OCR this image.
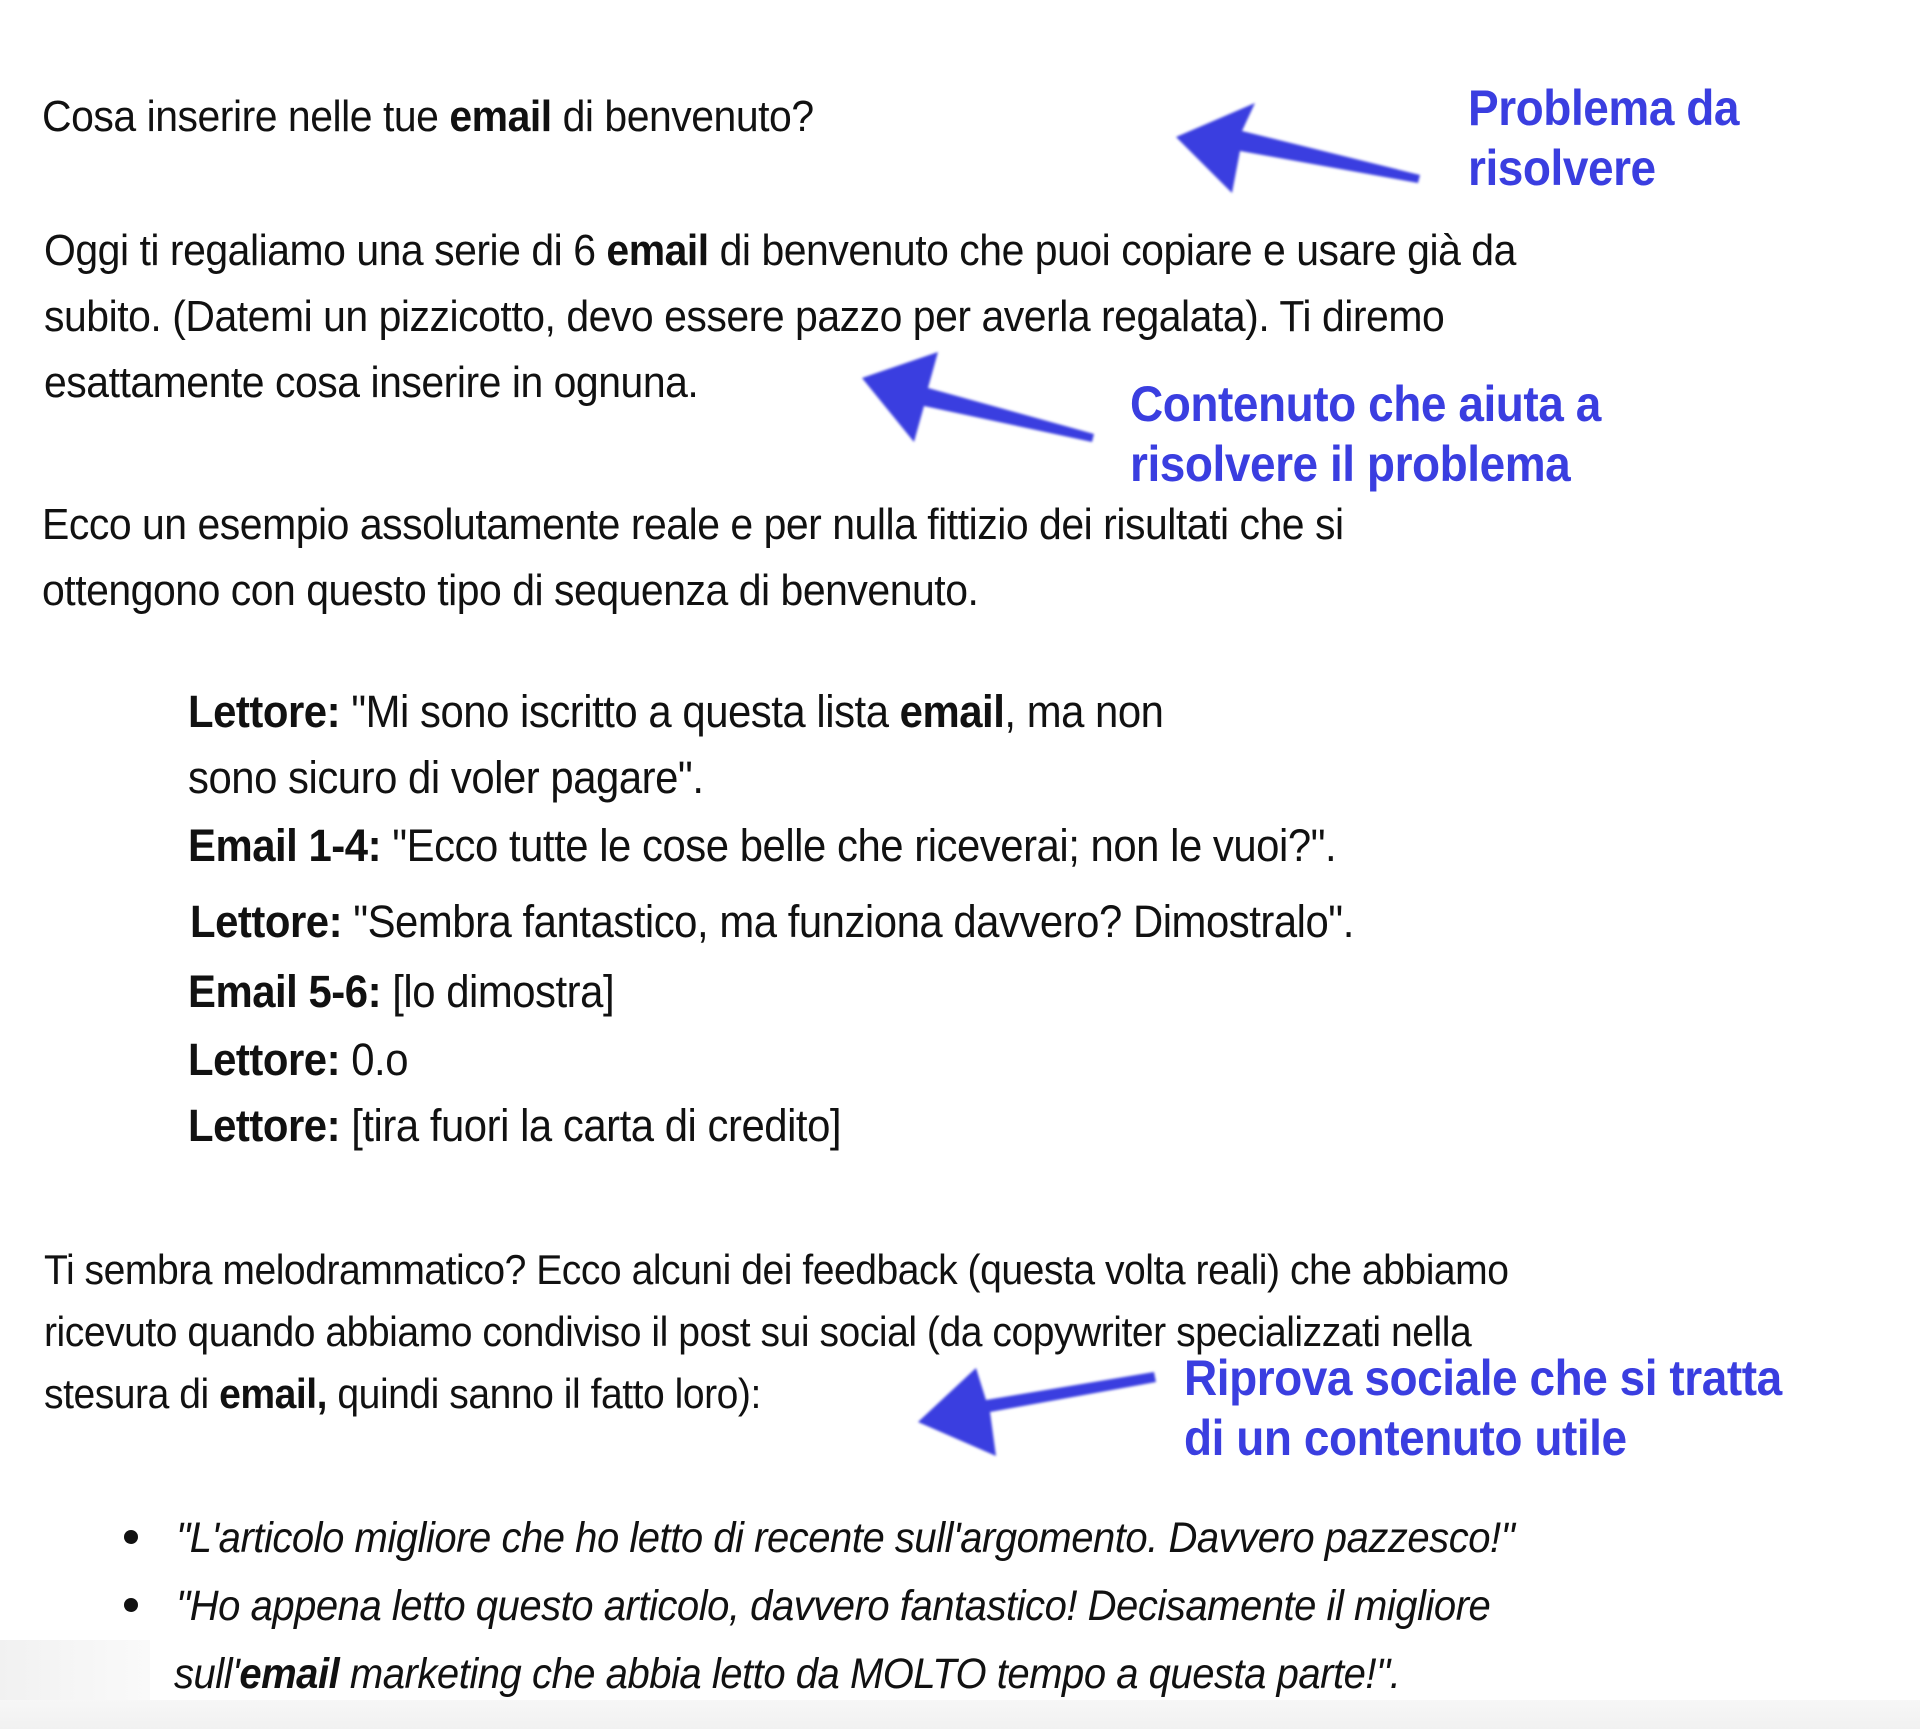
Cosa inserire nelle tue email di benvenuto?
Oggi ti regaliamo una serie di 6 email di benvenuto che puoi copiare e usare già da
subito. (Datemi un pizzicotto, devo essere pazzo per averla regalata). Ti diremo
esattamente cosa inserire in ognuna.
Ecco un esempio assolutamente reale e per nulla fittizio dei risultati che si
ottengono con questo tipo di sequenza di benvenuto.
Lettore: "Mi sono iscritto a questa lista email, ma non
sono sicuro di voler pagare".
Email 1-4: "Ecco tutte le cose belle che riceverai; non le vuoi?".
Lettore: "Sembra fantastico, ma funziona davvero? Dimostralo".
Email 5-6: [lo dimostra]
Lettore: 0.o
Lettore: [tira fuori la carta di credito]
Ti sembra melodrammatico? Ecco alcuni dei feedback (questa volta reali) che abbiamo
ricevuto quando abbiamo condiviso il post sui social (da copywriter specializzati nella
stesura di email, quindi sanno il fatto loro):
"L'articolo migliore che ho letto di recente sull'argomento. Davvero pazzesco!"
"Ho appena letto questo articolo, davvero fantastico! Decisamente il migliore
sull'email marketing che abbia letto da MOLTO tempo a questa parte!".
Problema da
risolvere
Contenuto che aiuta a
risolvere il problema
Riprova sociale che si tratta
di un contenuto utile
